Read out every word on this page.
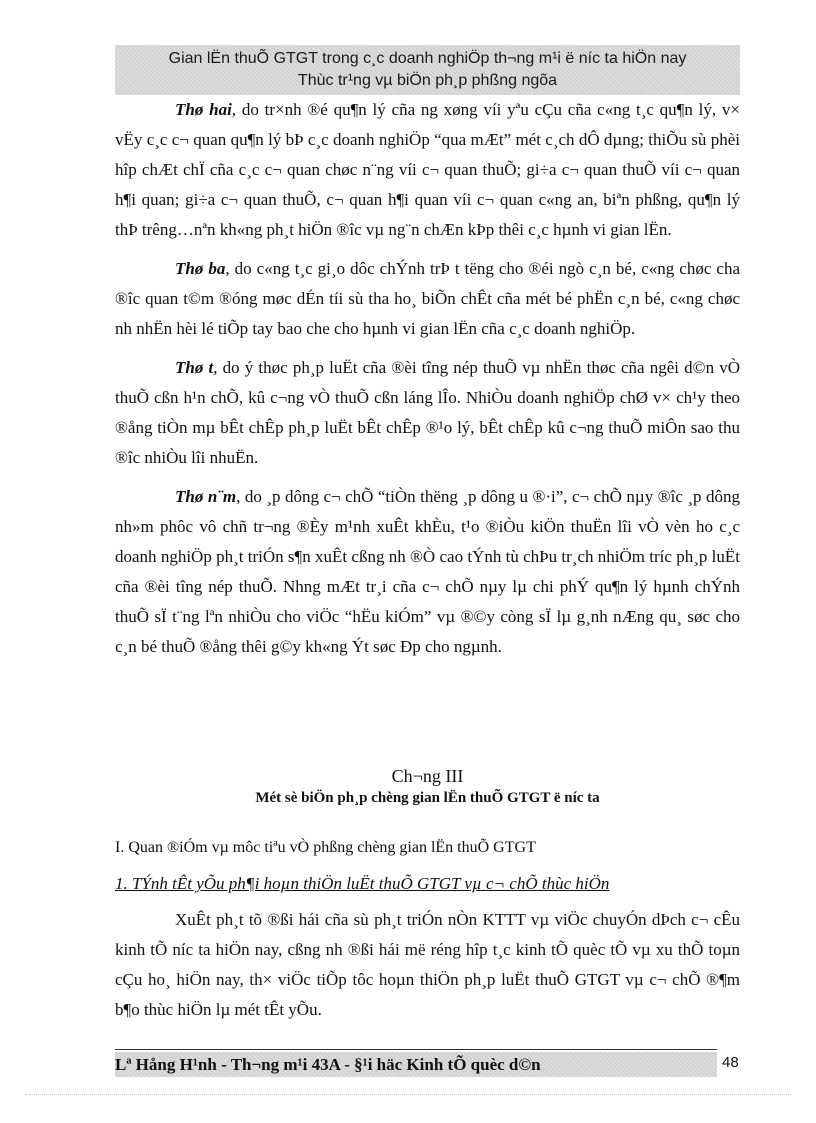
Gian lËn thuÕ GTGT trong c¸c doanh nghiÖp th¬ng m¹i ë níc ta hiÖn nay
Thùc tr¹ng vµ biÖn ph¸p phßng ngõa

Thø hai, do tr×nh ®é qu¶n lý cña ng xøng víi yªu cÇu cña c«ng t¸c qu¶n lý, v× vËy c¸c c¬ quan qu¶n lý bÞ c¸c doanh nghiÖp “qua mÆt” mét c¸ch dÔ dµng; thiÕu sù phèi hîp chÆt chÏ cña c¸c c¬ quan chøc n¨ng víi c¬ quan thuÕ; gi÷a c¬ quan thuÕ víi c¬ quan h¶i quan; gi÷a c¬ quan thuÕ, c¬ quan h¶i quan víi c¬ quan c«ng an, biªn phßng, qu¶n lý thÞ trêng…nªn kh«ng ph¸t hiÖn ®îc vµ ng¨n chÆn kÞp thêi c¸c hµnh vi gian lËn.

Thø ba, do c«ng t¸c gi¸o dôc chÝnh trÞ t tëng cho ®éi ngò c¸n bé, c«ng chøc cha ®îc quan t©m ®óng møc dÉn tíi sù tha ho¸ biÕn chÊt cña mét bé phËn c¸n bé, c«ng chøc nh nhËn hèi lé tiÕp tay bao che cho hµnh vi gian lËn cña c¸c doanh nghiÖp.

Thø t, do ý thøc ph¸p luËt cña ®èi tîng nép thuÕ vµ nhËn thøc cña ngêi d©n vÒ thuÕ cßn h¹n chÕ, kû c¬ng vÒ thuÕ cßn láng lÎo. NhiÒu doanh nghiÖp chØ v× ch¹y theo ®ång tiÒn mµ bÊt chÊp ph¸p luËt bÊt chÊp ®¹o lý, bÊt chÊp kû c¬ng thuÕ miÔn sao thu ®îc nhiÒu lîi nhuËn.

Thø n¨m, do ¸p dông c¬ chÕ “tiÒn thëng ¸p dông u ®·i”, c¬ chÕ nµy ®îc ¸p dông nh»m phôc vô chñ tr¬ng ®Èy m¹nh xuÊt khÈu, t¹o ®iÒu kiÖn thuËn lîi vÒ vèn ho c¸c doanh nghiÖp ph¸t triÓn s¶n xuÊt cßng nh ®Ò cao tÝnh tù chÞu tr¸ch nhiÖm tríc ph¸p luËt cña ®èi tîng nép thuÕ. Nhng mÆt tr¸i cña c¬ chÕ nµy lµ chi phÝ qu¶n lý hµnh chÝnh thuÕ sÏ t¨ng lªn nhiÒu cho viÖc “hËu kiÓm” vµ ®©y còng sÏ lµ g¸nh nÆng qu¸ søc cho c¸n bé thuÕ ®ång thêi g©y kh«ng Ýt søc Ðp cho ngµnh.

Ch¬ng III
Mét sè biÖn ph¸p chèng gian lËn thuÕ GTGT ë níc ta
I. Quan ®iÓm vµ môc tiªu vÒ phßng chèng gian lËn thuÕ GTGT
1. TÝnh tÊt yÕu ph¶i hoµn thiÖn luËt thuÕ GTGT vµ c¬ chÕ thùc hiÖn

XuÊt ph¸t tõ ®ßi hái cña sù ph¸t triÓn nÒn KTTT vµ viÖc chuyÓn dÞch c¬ cÊu kinh tÕ níc ta hiÖn nay, cßng nh ®ßi hái më réng hîp t¸c kinh tÕ quèc tÕ vµ xu thÕ toµn cÇu ho¸ hiÖn nay, th× viÖc tiÕp tôc hoµn thiÖn ph¸p luËt thuÕ GTGT vµ c¬ chÕ ®¶m b¶o thùc hiÖn lµ mét tÊt yÕu.

Lª Hång H¹nh - Th¬ng m¹i 43A - §¹i häc Kinh tÕ quèc d©n	48
